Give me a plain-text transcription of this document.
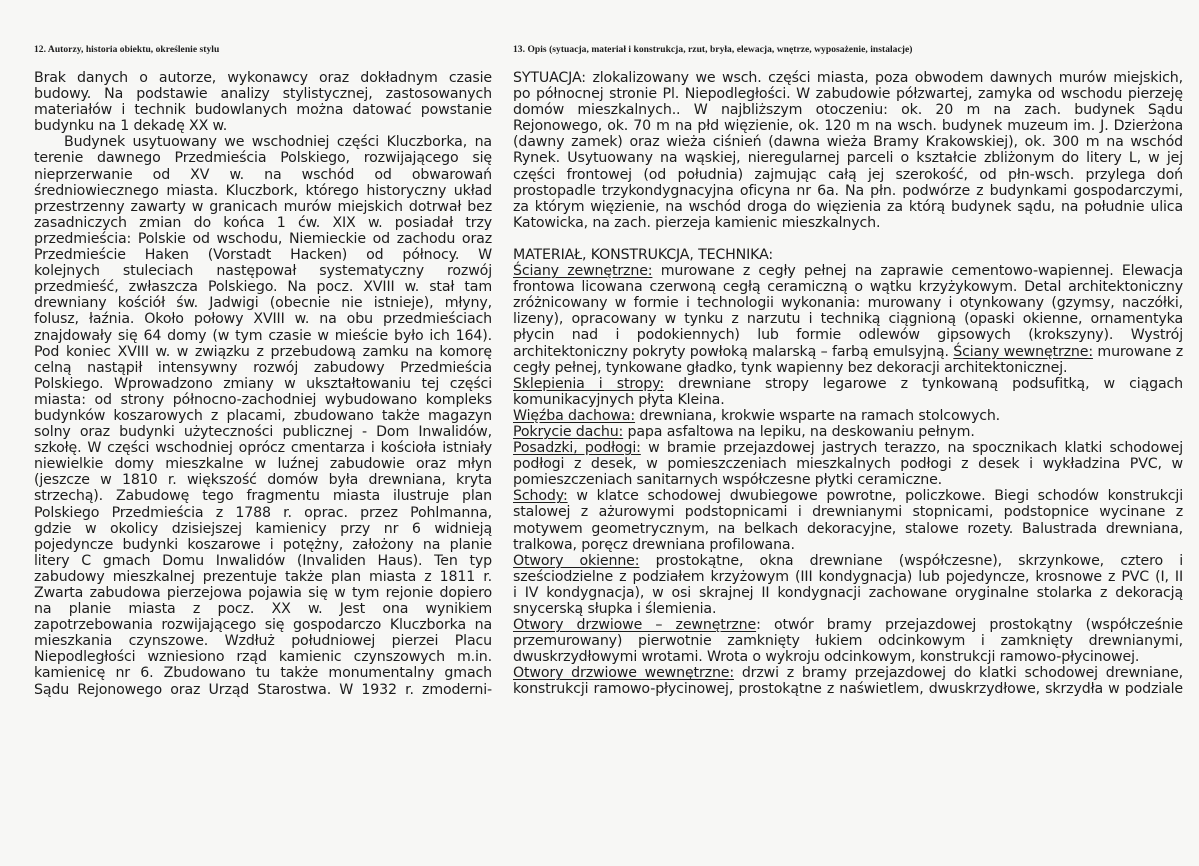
12. Autorzy, historia obiektu, określenie stylu
Brak danych o autorze, wykonawcy oraz dokładnym czasie
budowy. Na podstawie analizy stylistycznej, zastosowanych
materiałów i technik budowlanych można datować powstanie
budynku na 1 dekadę XX w.
Budynek usytuowany we wschodniej części Kluczborka, na
terenie dawnego Przedmieścia Polskiego, rozwijającego się
nieprzerwanie od XV w. na wschód od obwarowań
średniowiecznego miasta. Kluczbork, którego historyczny układ
przestrzenny zawarty w granicach murów miejskich dotrwał bez
zasadniczych zmian do końca 1 ćw. XIX w. posiadał trzy
przedmieścia: Polskie od wschodu, Niemieckie od zachodu oraz
Przedmieście Haken (Vorstadt Hacken) od północy. W
kolejnych stuleciach następował systematyczny rozwój
przedmieść, zwłaszcza Polskiego. Na pocz. XVIII w. stał tam
drewniany kościół św. Jadwigi (obecnie nie istnieje), młyny,
folusz, łaźnia. Około połowy XVIII w. na obu przedmieściach
znajdowały się 64 domy (w tym czasie w mieście było ich 164).
Pod koniec XVIII w. w związku z przebudową zamku na komorę
celną nastąpił intensywny rozwój zabudowy Przedmieścia
Polskiego. Wprowadzono zmiany w ukształtowaniu tej części
miasta: od strony północno-zachodniej wybudowano kompleks
budynków koszarowych z placami, zbudowano także magazyn
solny oraz budynki użyteczności publicznej - Dom Inwalidów,
szkołę. W części wschodniej oprócz cmentarza i kościoła istniały
niewielkie domy mieszkalne w luźnej zabudowie oraz młyn
(jeszcze w 1810 r. większość domów była drewniana, kryta
strzechą). Zabudowę tego fragmentu miasta ilustruje plan
Polskiego Przedmieścia z 1788 r. oprac. przez Pohlmanna,
gdzie w okolicy dzisiejszej kamienicy przy nr 6 widnieją
pojedyncze budynki koszarowe i potężny, założony na planie
litery C gmach Domu Inwalidów (Invaliden Haus). Ten typ
zabudowy mieszkalnej prezentuje także plan miasta z 1811 r.
Zwarta zabudowa pierzejowa pojawia się w tym rejonie dopiero
na planie miasta z pocz. XX w. Jest ona wynikiem
zapotrzebowania rozwijającego się gospodarczo Kluczborka na
mieszkania czynszowe. Wzdłuż południowej pierzei Placu
Niepodległości wzniesiono rząd kamienic czynszowych m.in.
kamienicę nr 6. Zbudowano tu także monumentalny gmach
Sądu Rejonowego oraz Urząd Starostwa. W 1932 r. zmoderni-
13. Opis (sytuacja, materiał i konstrukcja, rzut, bryła, elewacja, wnętrze, wyposażenie, instalacje)
SYTUACJA: zlokalizowany we wsch. części miasta, poza obwodem dawnych murów miejskich,
po północnej stronie Pl. Niepodległości. W zabudowie półzwartej, zamyka od wschodu pierzeję
domów mieszkalnych.. W najbliższym otoczeniu: ok. 20 m na zach. budynek Sądu
Rejonowego, ok. 70 m na płd więzienie, ok. 120 m na wsch. budynek muzeum im. J. Dzierżona
(dawny zamek) oraz wieża ciśnień (dawna wieża Bramy Krakowskiej), ok. 300 m na wschód
Rynek. Usytuowany na wąskiej, nieregularnej parceli o kształcie zbliżonym do litery L, w jej
części frontowej (od południa) zajmując całą jej szerokość, od płn-wsch. przylega doń
prostopadle trzykondygnacyjna oficyna nr 6a. Na płn. podwórze z budynkami gospodarczymi,
za którym więzienie, na wschód droga do więzienia za którą budynek sądu, na południe ulica
Katowicka, na zach. pierzeja kamienic mieszkalnych.
MATERIAŁ, KONSTRUKCJA, TECHNIKA:
Ściany zewnętrzne: murowane z cegły pełnej na zaprawie cementowo-wapiennej. Elewacja
frontowa licowana czerwoną cegłą ceramiczną o wątku krzyżykowym. Detal architektoniczny
zróżnicowany w formie i technologii wykonania: murowany i otynkowany (gzymsy, naczółki,
lizeny), opracowany w tynku z narzutu i techniką ciągnioną (opaski okienne, ornamentyka
płycin nad i podokiennych) lub formie odlewów gipsowych (krokszyny). Wystrój
architektoniczny pokryty powłoką malarską – farbą emulsyjną. Ściany wewnętrzne: murowane z
cegły pełnej, tynkowane gładko, tynk wapienny bez dekoracji architektonicznej.
Sklepienia i stropy: drewniane stropy legarowe z tynkowaną podsufitką, w ciągach
komunikacyjnych płyta Kleina.
Więźba dachowa: drewniana, krokwie wsparte na ramach stolcowych.
Pokrycie dachu: papa asfaltowa na lepiku, na deskowaniu pełnym.
Posadzki, podłogi: w bramie przejazdowej jastrych terazzo, na spocznikach klatki schodowej
podłogi z desek, w pomieszczeniach mieszkalnych podłogi z desek i wykładzina PVC, w
pomieszczeniach sanitarnych współczesne płytki ceramiczne.
Schody: w klatce schodowej dwubiegowe powrotne, policzkowe. Biegi schodów konstrukcji
stalowej z ażurowymi podstopnicami i drewnianymi stopnicami, podstopnice wycinane z
motywem geometrycznym, na belkach dekoracyjne, stalowe rozety. Balustrada drewniana,
tralkowa, poręcz drewniana profilowana.
Otwory okienne: prostokątne, okna drewniane (współczesne), skrzynkowe, cztero i
sześciodzielne z podziałem krzyżowym (III kondygnacja) lub pojedyncze, krosnowe z PVC (I, II
i IV kondygnacja), w osi skrajnej II kondygnacji zachowane oryginalne stolarka z dekoracją
snycerską słupka i ślemienia.
Otwory drzwiowe – zewnętrzne: otwór bramy przejazdowej prostokątny (współcześnie
przemurowany) pierwotnie zamknięty łukiem odcinkowym i zamknięty drewnianymi,
dwuskrzydłowymi wrotami. Wrota o wykroju odcinkowym, konstrukcji ramowo-płycinowej.
Otwory drzwiowe wewnętrzne: drzwi z bramy przejazdowej do klatki schodowej drewniane,
konstrukcji ramowo-płycinowej, prostokątne z naświetlem, dwuskrzydłowe, skrzydła w podziale
